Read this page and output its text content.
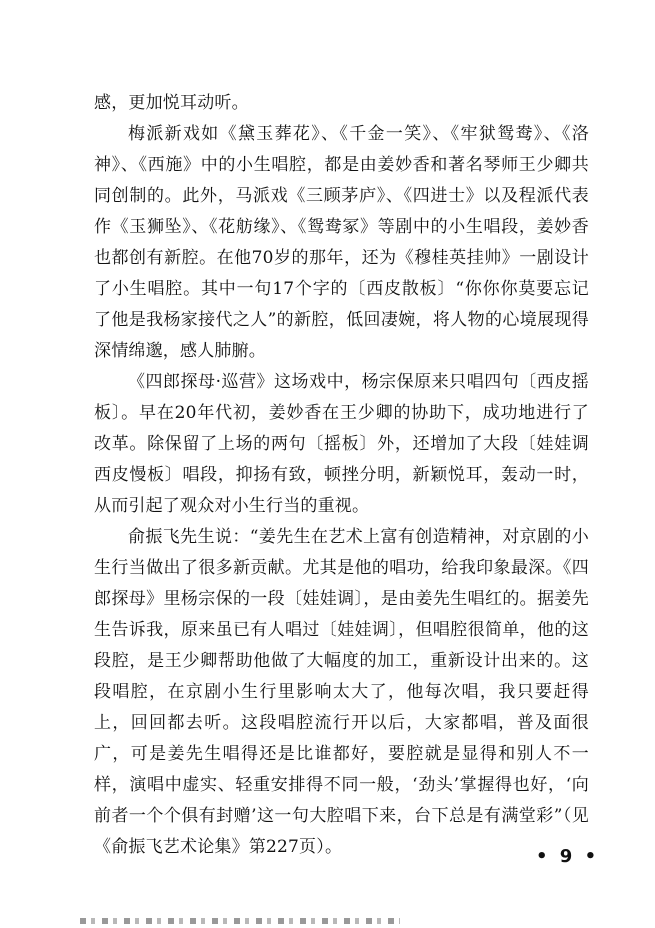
感，更加悦耳动听。

梅派新戏如《黛玉葬花》、《千金一笑》、《牢狱鸳鸯》、《洛神》、《西施》中的小生唱腔，都是由姜妙香和著名琴师王少卿共同创制的。此外，马派戏《三顾茅庐》、《四进士》以及程派代表作《玉狮坠》、《花舫缘》、《鸳鸯冢》等剧中的小生唱段，姜妙香也都创有新腔。在他70岁的那年，还为《穆桂英挂帅》一剧设计了小生唱腔。其中一句17个字的〔西皮散板〕“你你你莫要忘记了他是我杨家接代之人”的新腔，低回凄婉，将人物的心境展现得深情绵邈，感人肺腑。

《四郎探母·巡营》这场戏中，杨宗保原来只唱四句〔西皮摇板〕。早在20年代初，姜妙香在王少卿的协助下，成功地进行了改革。除保留了上场的两句〔摇板〕外，还增加了大段〔娃娃调西皮慢板〕唱段，抑扬有致，顿挫分明，新颖悦耳，轰动一时，从而引起了观众对小生行当的重视。

俞振飞先生说：“姜先生在艺术上富有创造精神，对京剧的小生行当做出了很多新贡献。尤其是他的唱功，给我印象最深。《四郎探母》里杨宗保的一段〔娃娃调〕，是由姜先生唱红的。据姜先生告诉我，原来虽已有人唱过〔娃娃调〕，但唱腔很简单，他的这段腔，是王少卿帮助他做了大幅度的加工，重新设计出来的。这段唱腔，在京剧小生行里影响太大了，他每次唱，我只要赶得上，回回都去听。这段唱腔流行开以后，大家都唱，普及面很广，可是姜先生唱得还是比谁都好，要腔就是显得和别人不一样，演唱中虚实、轻重安排得不同一般，‘劲头’掌握得也好，‘向前者一个个俱有封赠’这一句大腔唱下来，台下总是有满堂彩”（见《俞振飞艺术论集》第227页）。	• 9 •
